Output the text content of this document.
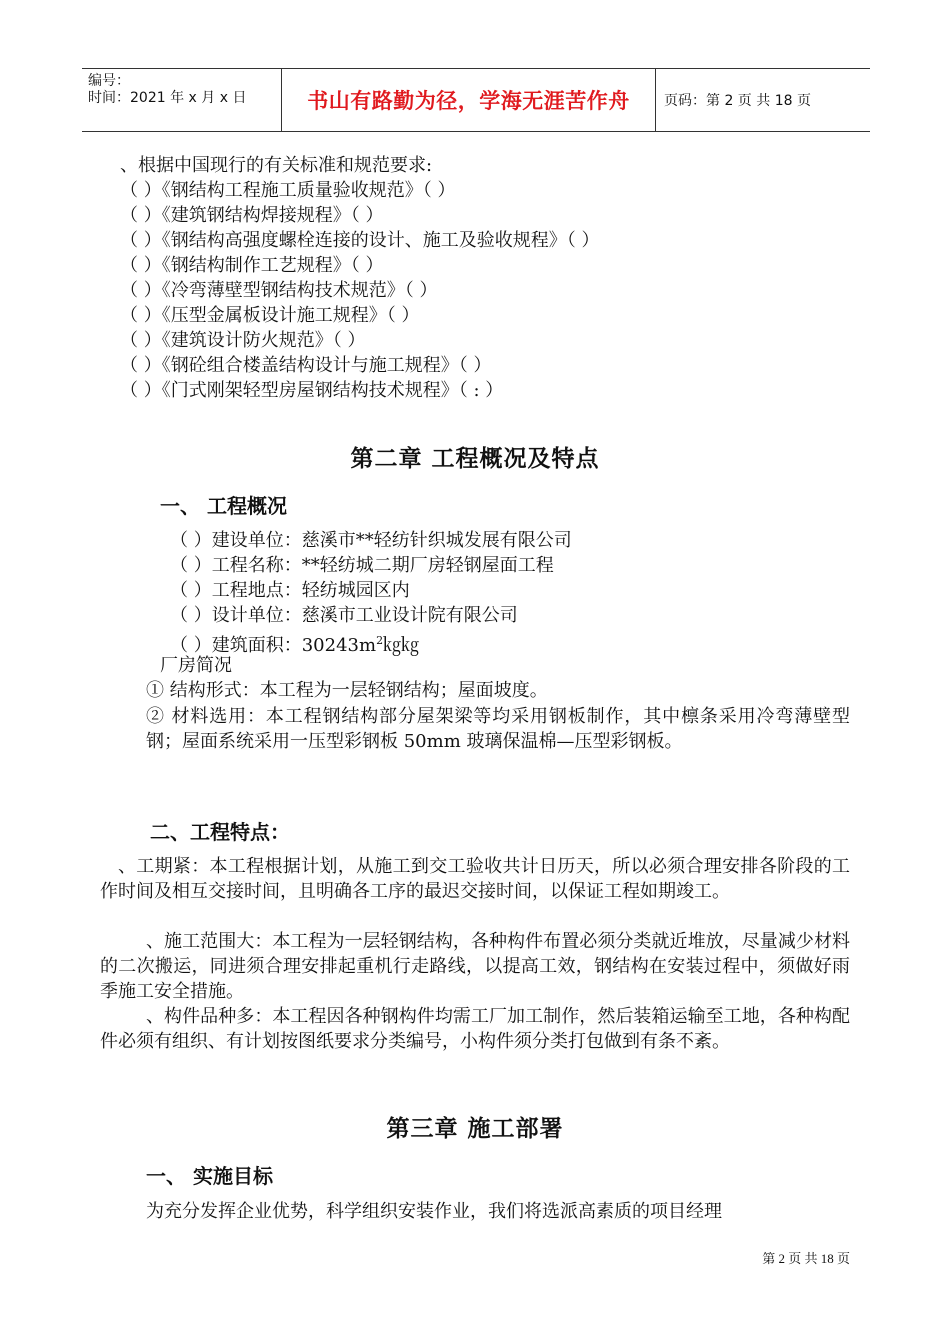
编号：
时间：2021 年 x 月 x 日	书山有路勤为径，学海无涯苦作舟	页码：第 2 页 共 18 页
、根据中国现行的有关标准和规范要求:
（ ）《钢结构工程施工质量验收规范》（ ）
（ ）《建筑钢结构焊接规程》（ ）
（ ）《钢结构高强度螺栓连接的设计、施工及验收规程》（ ）
（ ）《钢结构制作工艺规程》（ ）
（ ）《冷弯薄壁型钢结构技术规范》（ ）
（ ）《压型金属板设计施工规程》（ ）
（ ）《建筑设计防火规范》（ ）
（ ）《钢砼组合楼盖结构设计与施工规程》（ ）
（ ）《门式刚架轻型房屋钢结构技术规程》（ : ）
第二章 工程概况及特点
一、 工程概况
（ ）建设单位：慈溪市**轻纺针织城发展有限公司
（ ）工程名称：**轻纺城二期厂房轻钢屋面工程
（ ）工程地点：轻纺城园区内
（ ）设计单位：慈溪市工业设计院有限公司
（ ）建筑面积：$30243m^2㎏㎏$
厂房简况
① 结构形式：本工程为一层轻钢结构；屋面坡度。
② 材料选用：本工程钢结构部分屋架梁等均采用钢板制作，其中檩条采用冷弯薄壁型钢；屋面系统采用一压型彩钢板 50mm 玻璃保温棉—压型彩钢板。
二、工程特点：
、工期紧：本工程根据计划，从施工到交工验收共计日历天，所以必须合理安排各阶段的工作时间及相互交接时间，且明确各工序的最迟交接时间，以保证工程如期竣工。
、施工范围大：本工程为一层轻钢结构，各种构件布置必须分类就近堆放，尽量减少材料的二次搬运，同进须合理安排起重机行走路线，以提高工效，钢结构在安装过程中，须做好雨季施工安全措施。
、构件品种多：本工程因各种钢构件均需工厂加工制作，然后装箱运输至工地，各种构配件必须有组织、有计划按图纸要求分类编号，小构件须分类打包做到有条不紊。
第三章 施工部署
一、 实施目标
为充分发挥企业优势，科学组织安装作业，我们将选派高素质的项目经理
第 2 页 共 18 页
